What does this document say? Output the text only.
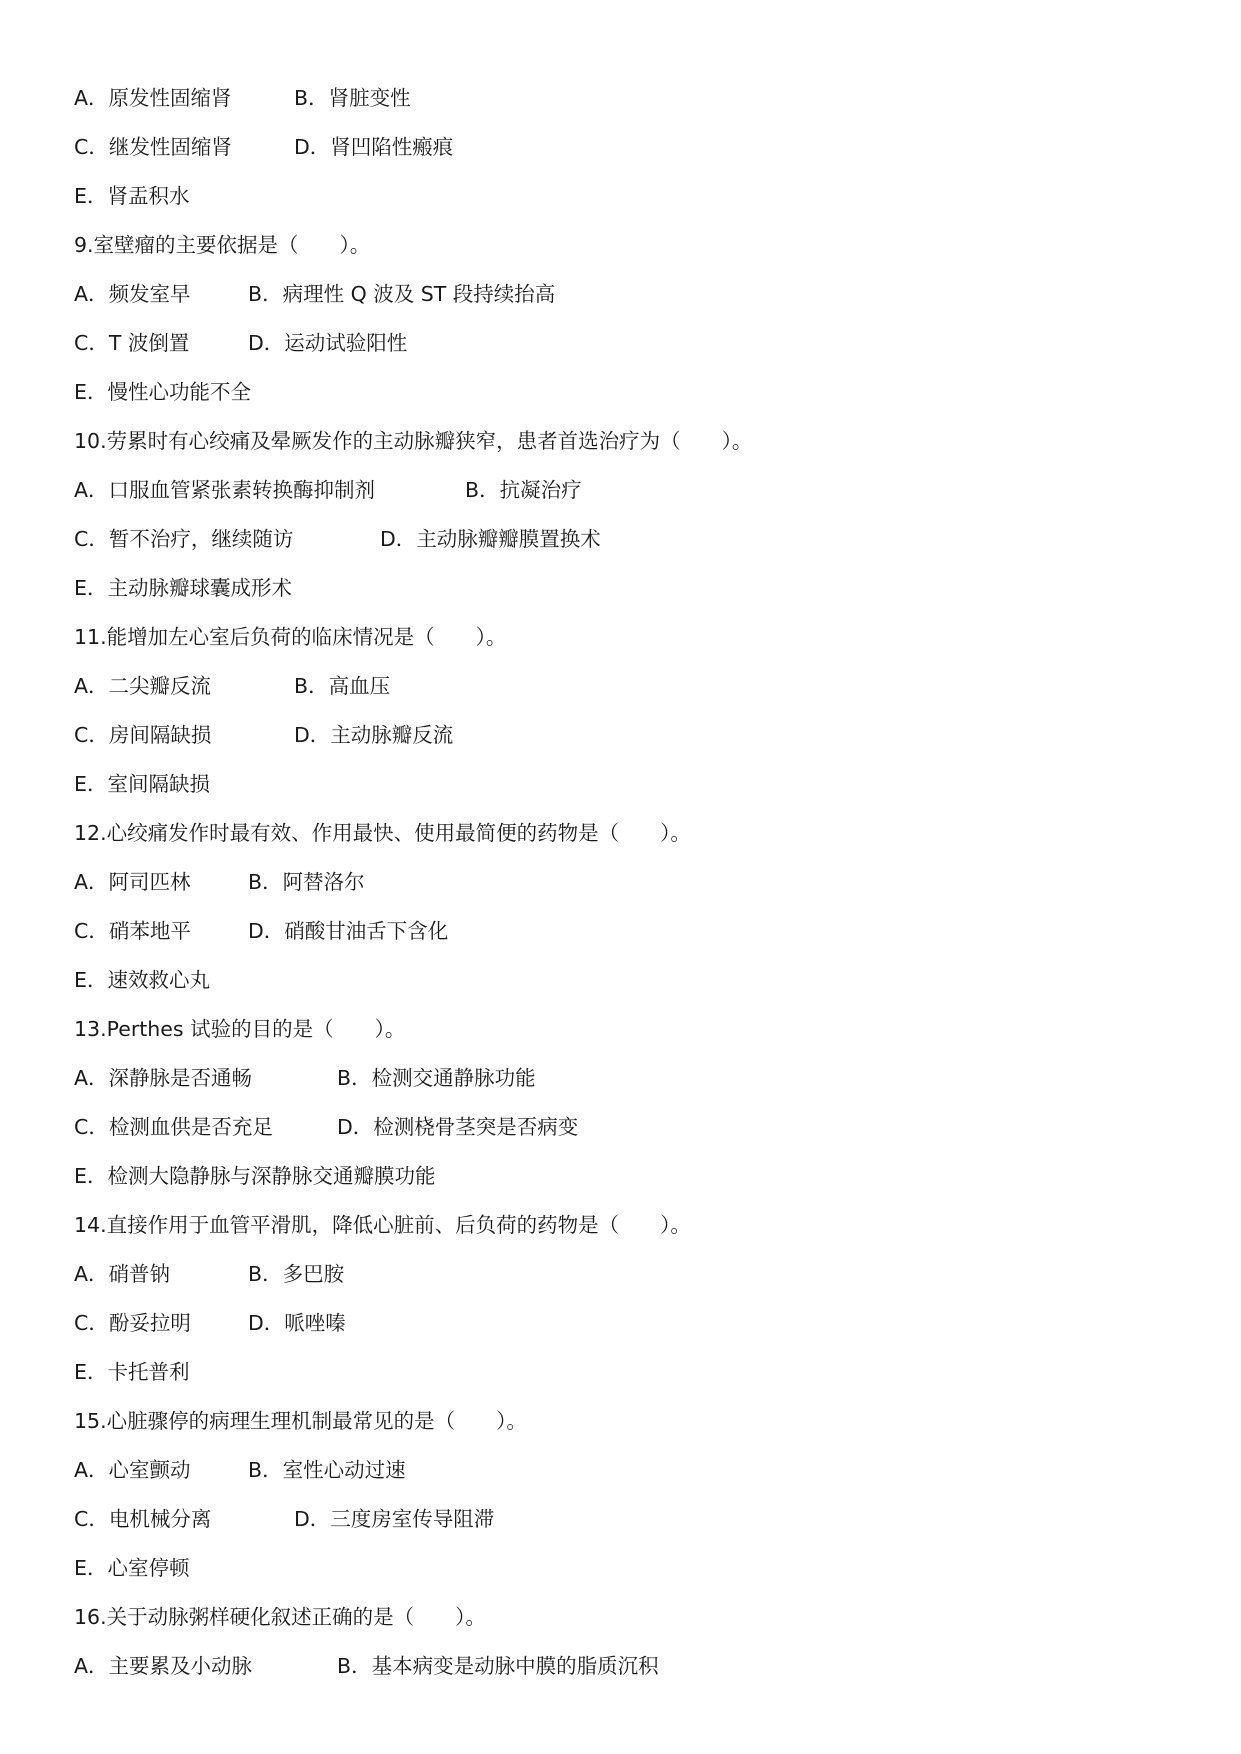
A．原发性固缩肾	B．肾脏变性
C．继发性固缩肾	D．肾凹陷性瘢痕
E．肾盂积水
9.室壁瘤的主要依据是（　　）。
A．频发室早	B．病理性 Q 波及 ST 段持续抬高
C．T 波倒置	D．运动试验阳性
E．慢性心功能不全
10.劳累时有心绞痛及晕厥发作的主动脉瓣狭窄，患者首选治疗为（　　）。
A．口服血管紧张素转换酶抑制剂	B．抗凝治疗
C．暂不治疗，继续随访	D．主动脉瓣瓣膜置换术
E．主动脉瓣球囊成形术
11.能增加左心室后负荷的临床情况是（　　）。
A．二尖瓣反流	B．高血压
C．房间隔缺损	D．主动脉瓣反流
E．室间隔缺损
12.心绞痛发作时最有效、作用最快、使用最简便的药物是（　　）。
A．阿司匹林	B．阿替洛尔
C．硝苯地平	D．硝酸甘油舌下含化
E．速效救心丸
13.Perthes 试验的目的是（　　）。
A．深静脉是否通畅	B．检测交通静脉功能
C．检测血供是否充足	D．检测桡骨茎突是否病变
E．检测大隐静脉与深静脉交通瓣膜功能
14.直接作用于血管平滑肌，降低心脏前、后负荷的药物是（　　）。
A．硝普钠	B．多巴胺
C．酚妥拉明	D．哌唑嗪
E．卡托普利
15.心脏骤停的病理生理机制最常见的是（　　）。
A．心室颤动	B．室性心动过速
C．电机械分离	D．三度房室传导阻滞
E．心室停顿
16.关于动脉粥样硬化叙述正确的是（　　）。
A．主要累及小动脉	B．基本病变是动脉中膜的脂质沉积
